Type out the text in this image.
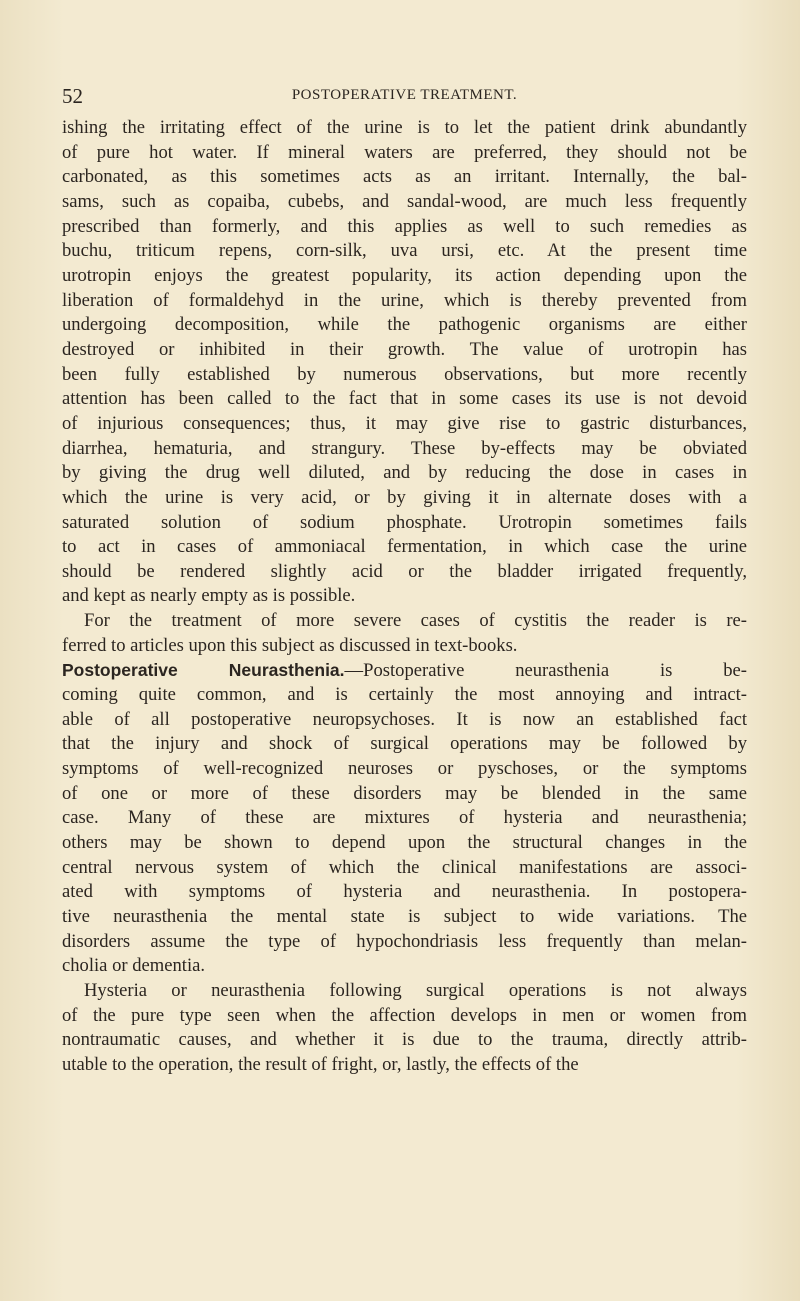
52	POSTOPERATIVE TREATMENT.
ishing the irritating effect of the urine is to let the patient drink abundantly
of pure hot water. If mineral waters are preferred, they should not be
carbonated, as this sometimes acts as an irritant. Internally, the bal-
sams, such as copaiba, cubebs, and sandal-wood, are much less frequently
prescribed than formerly, and this applies as well to such remedies as
buchu, triticum repens, corn-silk, uva ursi, etc. At the present time
urotropin enjoys the greatest popularity, its action depending upon the
liberation of formaldehyd in the urine, which is thereby prevented from
undergoing decomposition, while the pathogenic organisms are either
destroyed or inhibited in their growth. The value of urotropin has
been fully established by numerous observations, but more recently
attention has been called to the fact that in some cases its use is not devoid
of injurious consequences; thus, it may give rise to gastric disturbances,
diarrhea, hematuria, and strangury. These by-effects may be obviated
by giving the drug well diluted, and by reducing the dose in cases in
which the urine is very acid, or by giving it in alternate doses with a
saturated solution of sodium phosphate. Urotropin sometimes fails
to act in cases of ammoniacal fermentation, in which case the urine
should be rendered slightly acid or the bladder irrigated frequently,
and kept as nearly empty as is possible.
For the treatment of more severe cases of cystitis the reader is re-
ferred to articles upon this subject as discussed in text-books.
Postoperative Neurasthenia.—Postoperative neurasthenia is be-
coming quite common, and is certainly the most annoying and intract-
able of all postoperative neuropsychoses. It is now an established fact
that the injury and shock of surgical operations may be followed by
symptoms of well-recognized neuroses or pyschoses, or the symptoms
of one or more of these disorders may be blended in the same
case. Many of these are mixtures of hysteria and neurasthenia;
others may be shown to depend upon the structural changes in the
central nervous system of which the clinical manifestations are associ-
ated with symptoms of hysteria and neurasthenia. In postopera-
tive neurasthenia the mental state is subject to wide variations. The
disorders assume the type of hypochondriasis less frequently than melan-
cholia or dementia.
Hysteria or neurasthenia following surgical operations is not always
of the pure type seen when the affection develops in men or women from
nontraumatic causes, and whether it is due to the trauma, directly attrib-
utable to the operation, the result of fright, or, lastly, the effects of the
